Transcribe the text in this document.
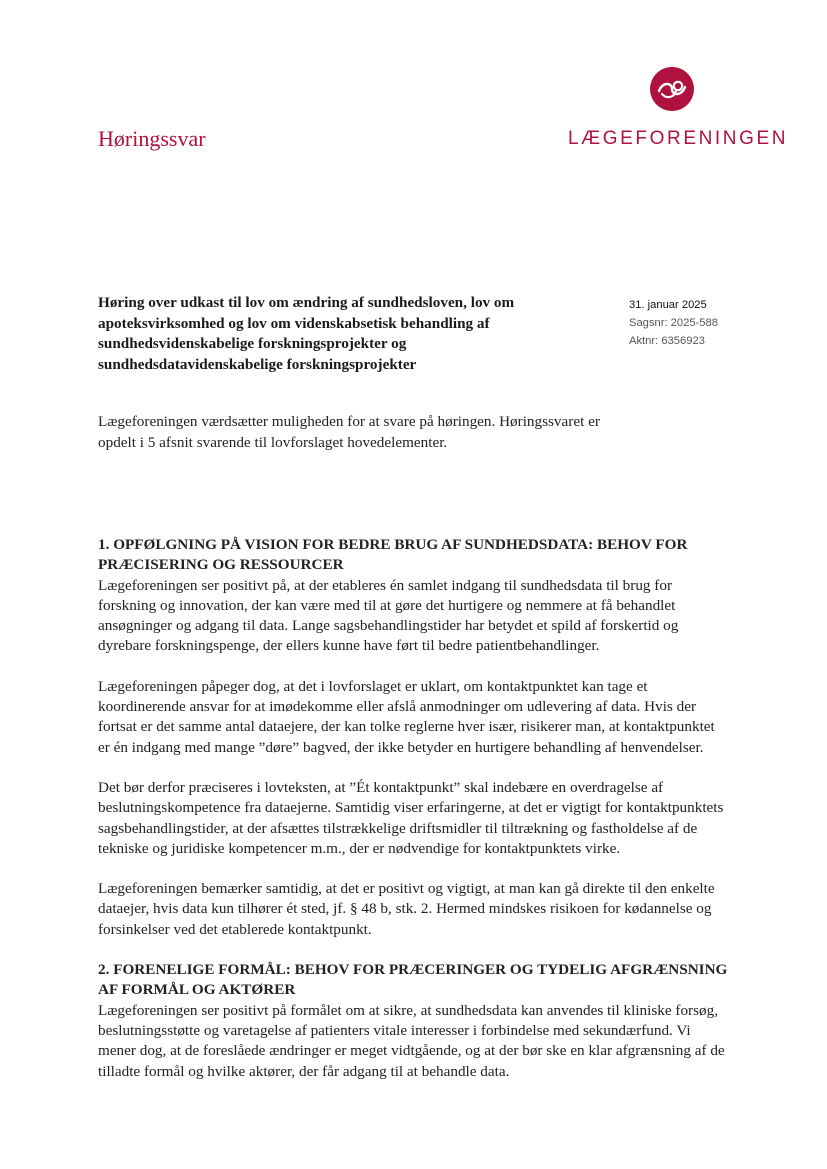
Høringssvar	LÆGEFORENINGEN
Høring over udkast til lov om ændring af sundhedsloven, lov om apoteksvirksomhed og lov om videnskabsetisk behandling af sundhedsvidenskabelige forskningsprojekter og sundhedsdatavidenskabelige forskningsprojekter
31. januar 2025
Sagsnr: 2025-588
Aktnr: 6356923
Lægeforeningen værdsætter muligheden for at svare på høringen. Høringssvaret er opdelt i 5 afsnit svarende til lovforslaget hovedelementer.

1. OPFØLGNING PÅ VISION FOR BEDRE BRUG AF SUNDHEDSDATA: BEHOV FOR PRÆCISERING OG RESSOURCER

Lægeforeningen ser positivt på, at der etableres én samlet indgang til sundhedsdata til brug for forskning og innovation, der kan være med til at gøre det hurtigere og nemmere at få behandlet ansøgninger og adgang til data. Lange sagsbehandlingstider har betydet et spild af forskertid og dyrebare forskningspenge, der ellers kunne have ført til bedre patientbehandlinger.

Lægeforeningen påpeger dog, at det i lovforslaget er uklart, om kontaktpunktet kan tage et koordinerende ansvar for at imødekomme eller afslå anmodninger om udlevering af data. Hvis der fortsat er det samme antal dataejere, der kan tolke reglerne hver især, risikerer man, at kontaktpunktet er én indgang med mange ”døre” bagved, der ikke betyder en hurtigere behandling af henvendelser.

Det bør derfor præciseres i lovteksten, at ”Ét kontaktpunkt” skal indebære en overdragelse af beslutningskompetence fra dataejerne. Samtidig viser erfaringerne, at det er vigtigt for kontaktpunktets sagsbehandlingstider, at der afsættes tilstrækkelige driftsmidler til tiltrækning og fastholdelse af de tekniske og juridiske kompetencer m.m., der er nødvendige for kontaktpunktets virke.

Lægeforeningen bemærker samtidig, at det er positivt og vigtigt, at man kan gå direkte til den enkelte dataejer, hvis data kun tilhører ét sted, jf. § 48 b, stk. 2. Hermed mindskes risikoen for kødannelse og forsinkelser ved det etablerede kontaktpunkt.

2. FORENELIGE FORMÅL: BEHOV FOR PRÆCERINGER OG TYDELIG AFGRÆNSNING AF FORMÅL OG AKTØRER

Lægeforeningen ser positivt på formålet om at sikre, at sundhedsdata kan anvendes til kliniske forsøg, beslutningsstøtte og varetagelse af patienters vitale interesser i forbindelse med sekundærfund. Vi mener dog, at de foreslåede ændringer er meget vidtgående, og at der bør ske en klar afgrænsning af de tilladte formål og hvilke aktører, der får adgang til at behandle data.
